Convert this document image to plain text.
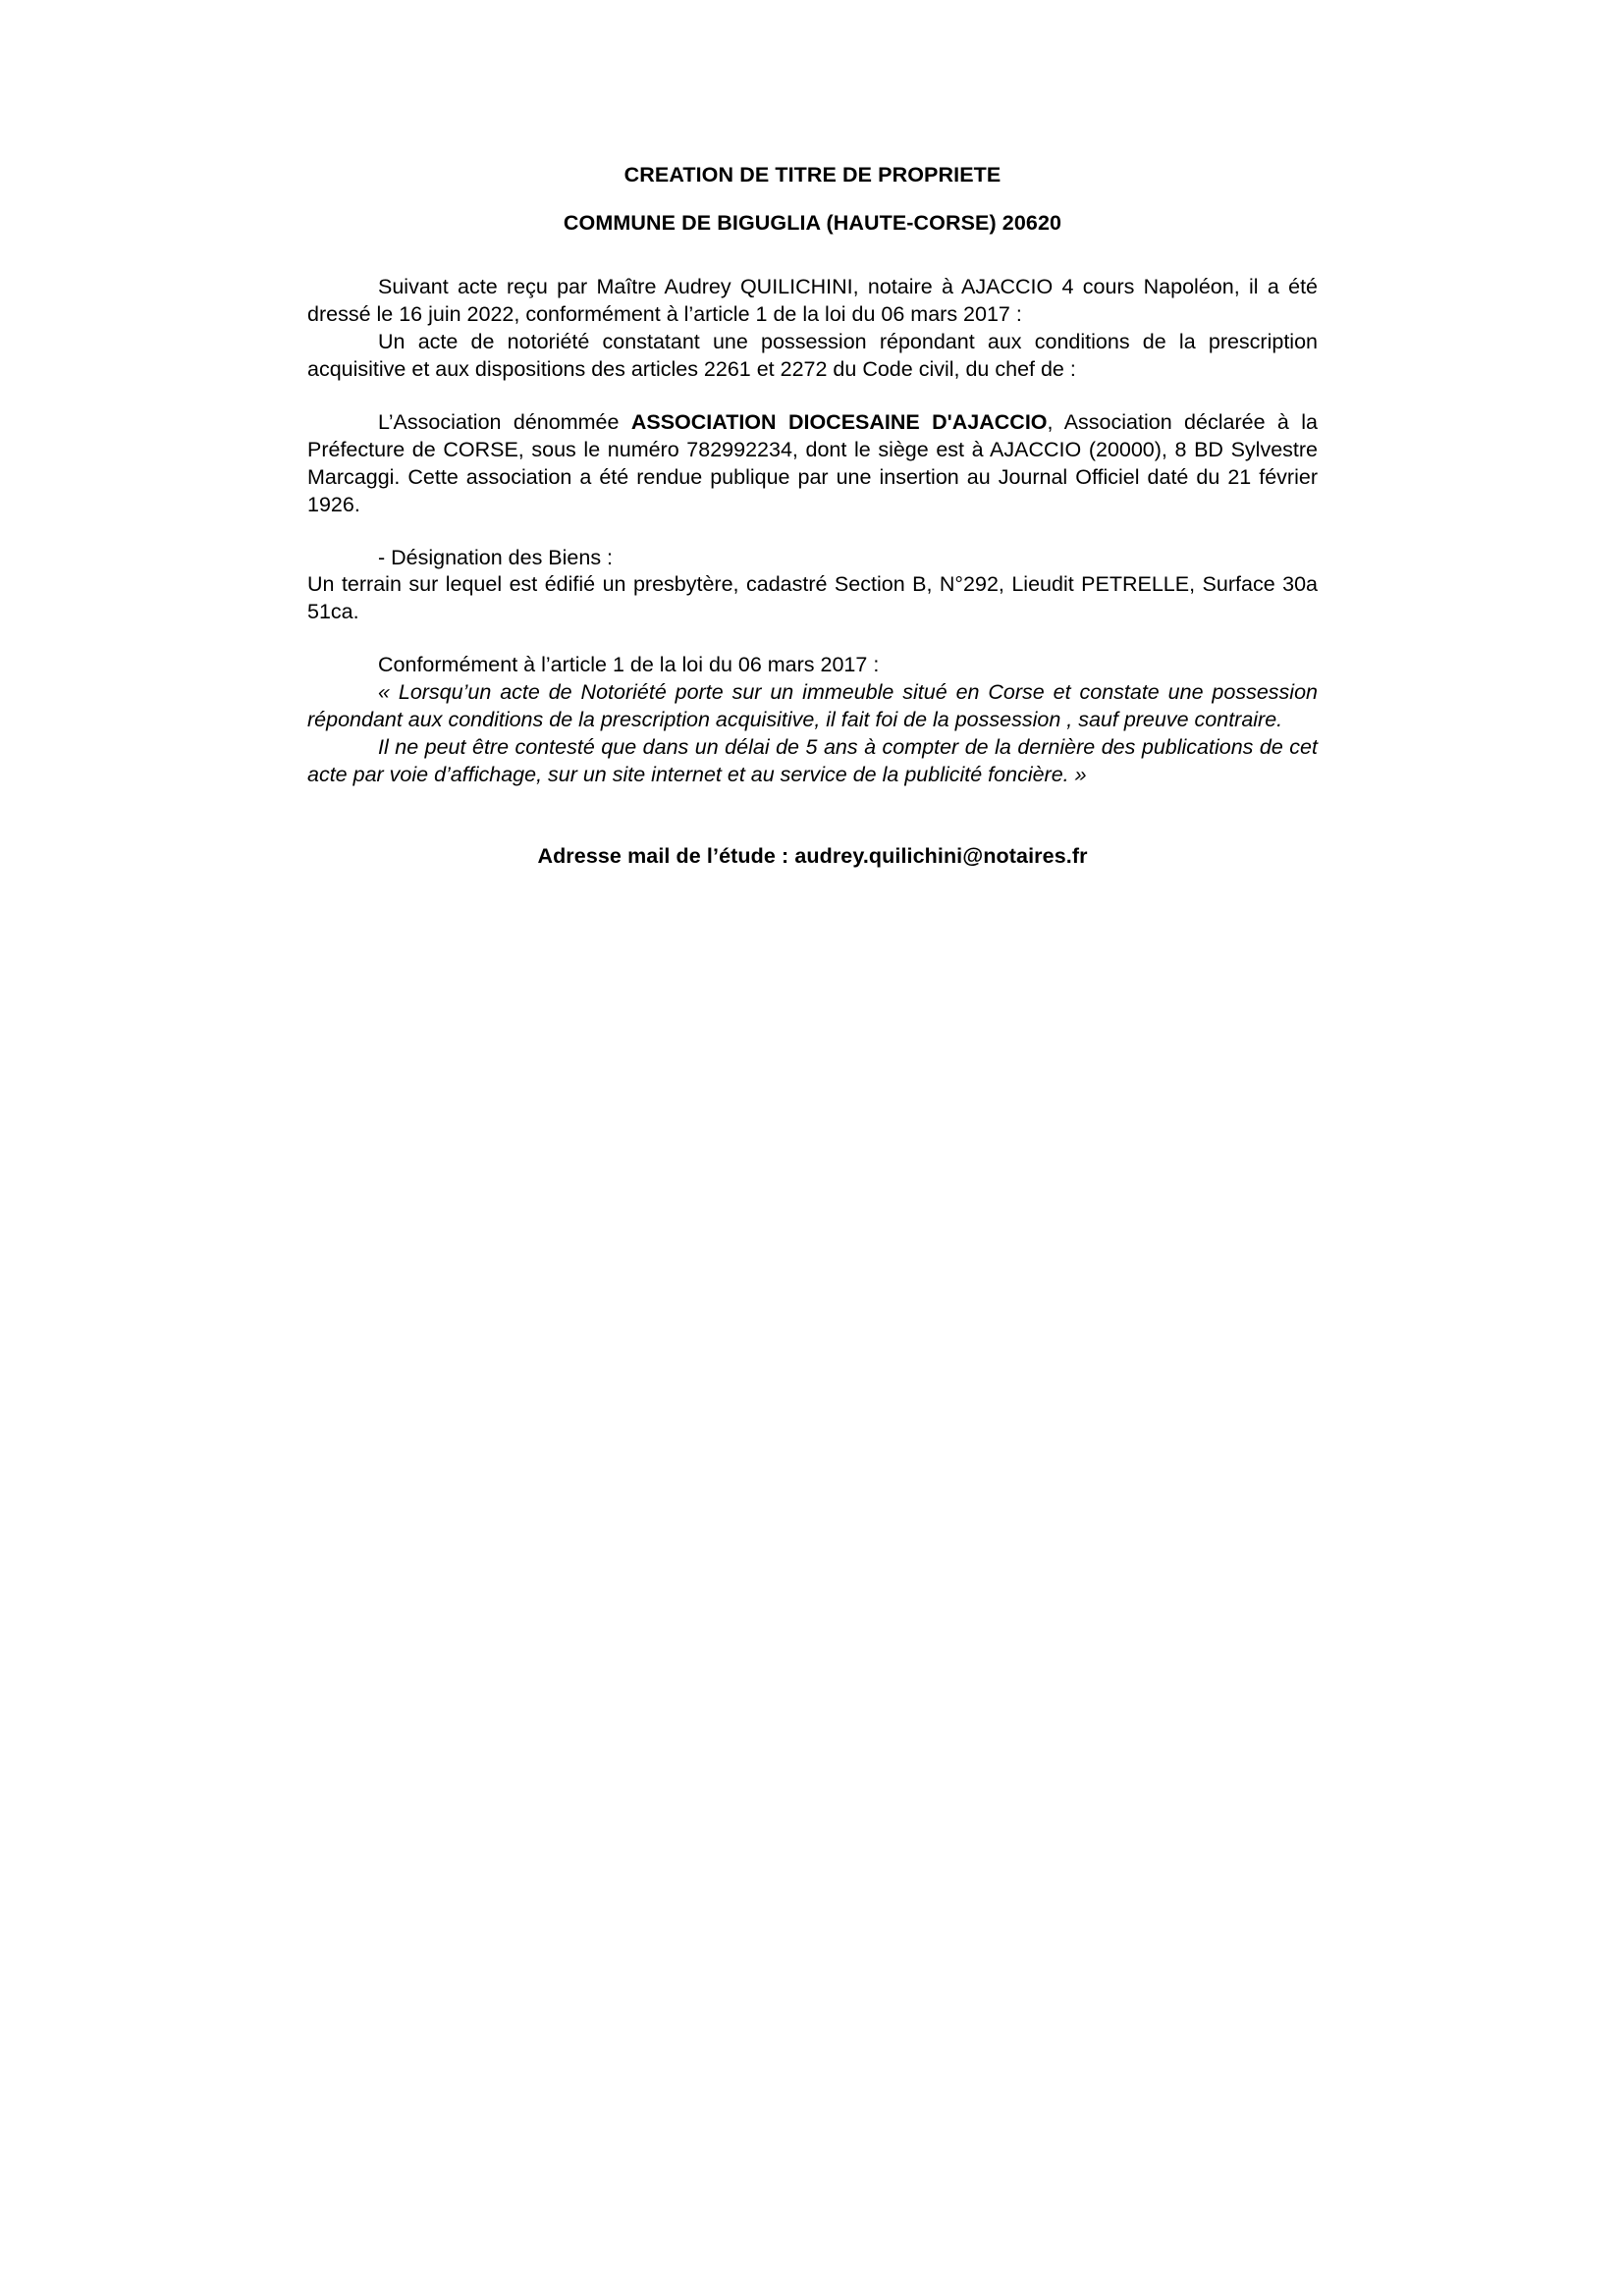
CREATION DE TITRE DE PROPRIETE

COMMUNE DE BIGUGLIA (HAUTE-CORSE) 20620

Suivant acte reçu par Maître Audrey QUILICHINI, notaire à AJACCIO 4 cours Napoléon, il a été dressé le 16 juin 2022, conformément à l’article 1 de la loi du 06 mars 2017 :

Un acte de notoriété constatant une possession répondant aux conditions de la prescription acquisitive et aux dispositions des articles 2261 et 2272 du Code civil, du chef de :

L’Association dénommée ASSOCIATION DIOCESAINE D'AJACCIO, Association déclarée à la Préfecture de CORSE, sous le numéro 782992234, dont le siège est à AJACCIO (20000), 8 BD Sylvestre Marcaggi. Cette association a été rendue publique par une insertion au Journal Officiel daté du 21 février 1926.

- Désignation des Biens :

Un terrain sur lequel est édifié un presbytère, cadastré Section B, N°292, Lieudit PETRELLE, Surface 30a 51ca.

Conformément à l’article 1 de la loi du 06 mars 2017 :

« Lorsqu’un acte de Notoriété porte sur un immeuble situé en Corse et constate une possession répondant aux conditions de la prescription acquisitive, il fait foi de la possession , sauf preuve contraire.

Il ne peut être contesté que dans un délai de 5 ans à compter de la dernière des publications de cet acte par voie d’affichage, sur un site internet et au service de la publicité foncière. »

Adresse mail de l’étude : audrey.quilichini@notaires.fr
